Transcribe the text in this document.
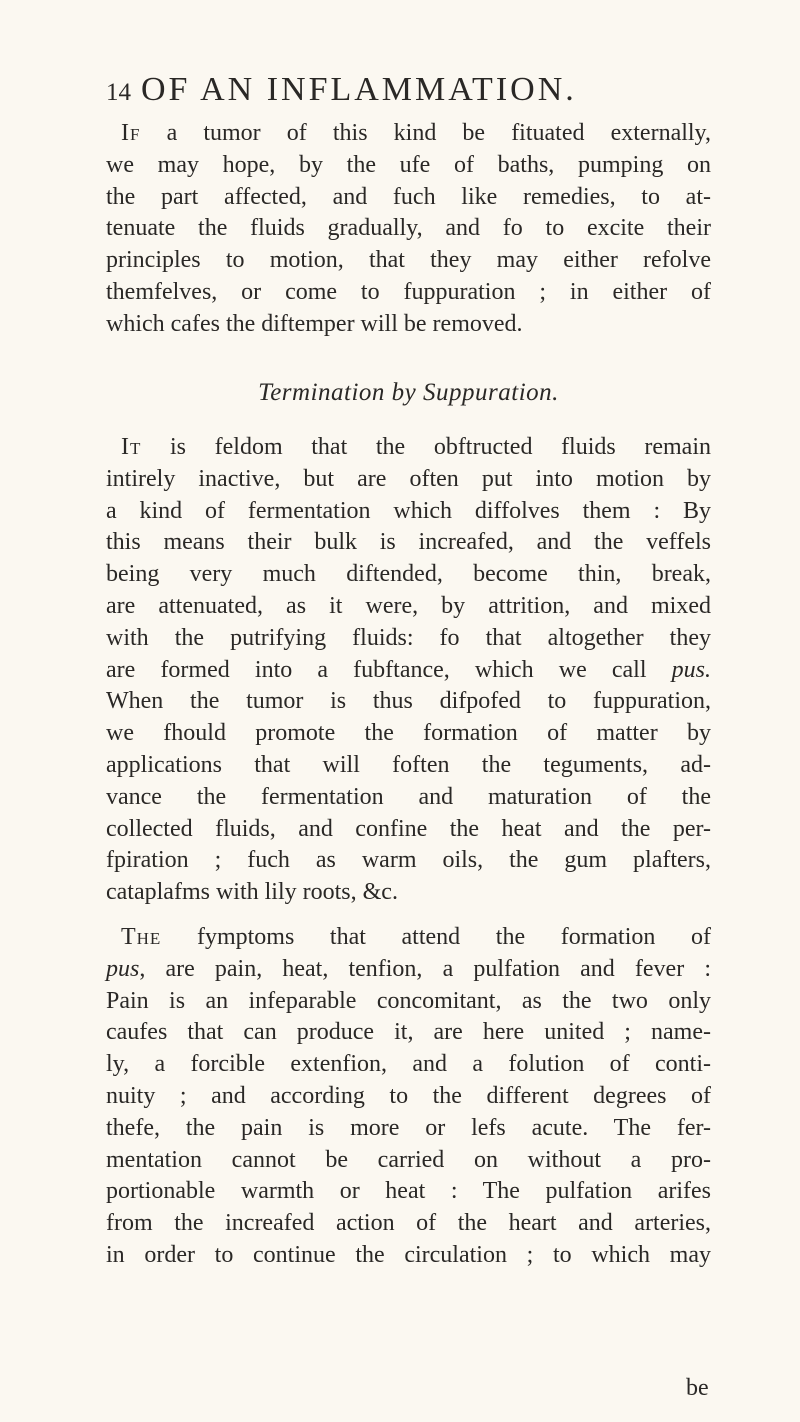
14 OF AN INFLAMMATION.
If a tumor of this kind be fituated externally,
we may hope, by the ufe of baths, pumping on
the part affected, and fuch like remedies, to at-
tenuate the fluids gradually, and fo to excite their
principles to motion, that they may either refolve
themfelves, or come to fuppuration ; in either of
which cafes the diftemper will be removed.
Termination by Suppuration.
It is feldom that the obftructed fluids remain
intirely inactive, but are often put into motion by
a kind of fermentation which diffolves them : By
this means their bulk is increafed, and the veffels
being very much diftended, become thin, break,
are attenuated, as it were, by attrition, and mixed
with the putrifying fluids: fo that altogether they
are formed into a fubftance, which we call pus.
When the tumor is thus difpofed to fuppuration,
we fhould promote the formation of matter by
applications that will foften the teguments, ad-
vance the fermentation and maturation of the
collected fluids, and confine the heat and the per-
fpiration ; fuch as warm oils, the gum plafters,
cataplafms with lily roots, &c.
The fymptoms that attend the formation of
pus, are pain, heat, tenfion, a pulfation and fever :
Pain is an infeparable concomitant, as the two only
caufes that can produce it, are here united ; name-
ly, a forcible extenfion, and a folution of conti-
nuity ; and according to the different degrees of
thefe, the pain is more or lefs acute. The fer-
mentation cannot be carried on without a pro-
portionable warmth or heat : The pulfation arifes
from the increafed action of the heart and arteries,
in order to continue the circulation ; to which may
be
